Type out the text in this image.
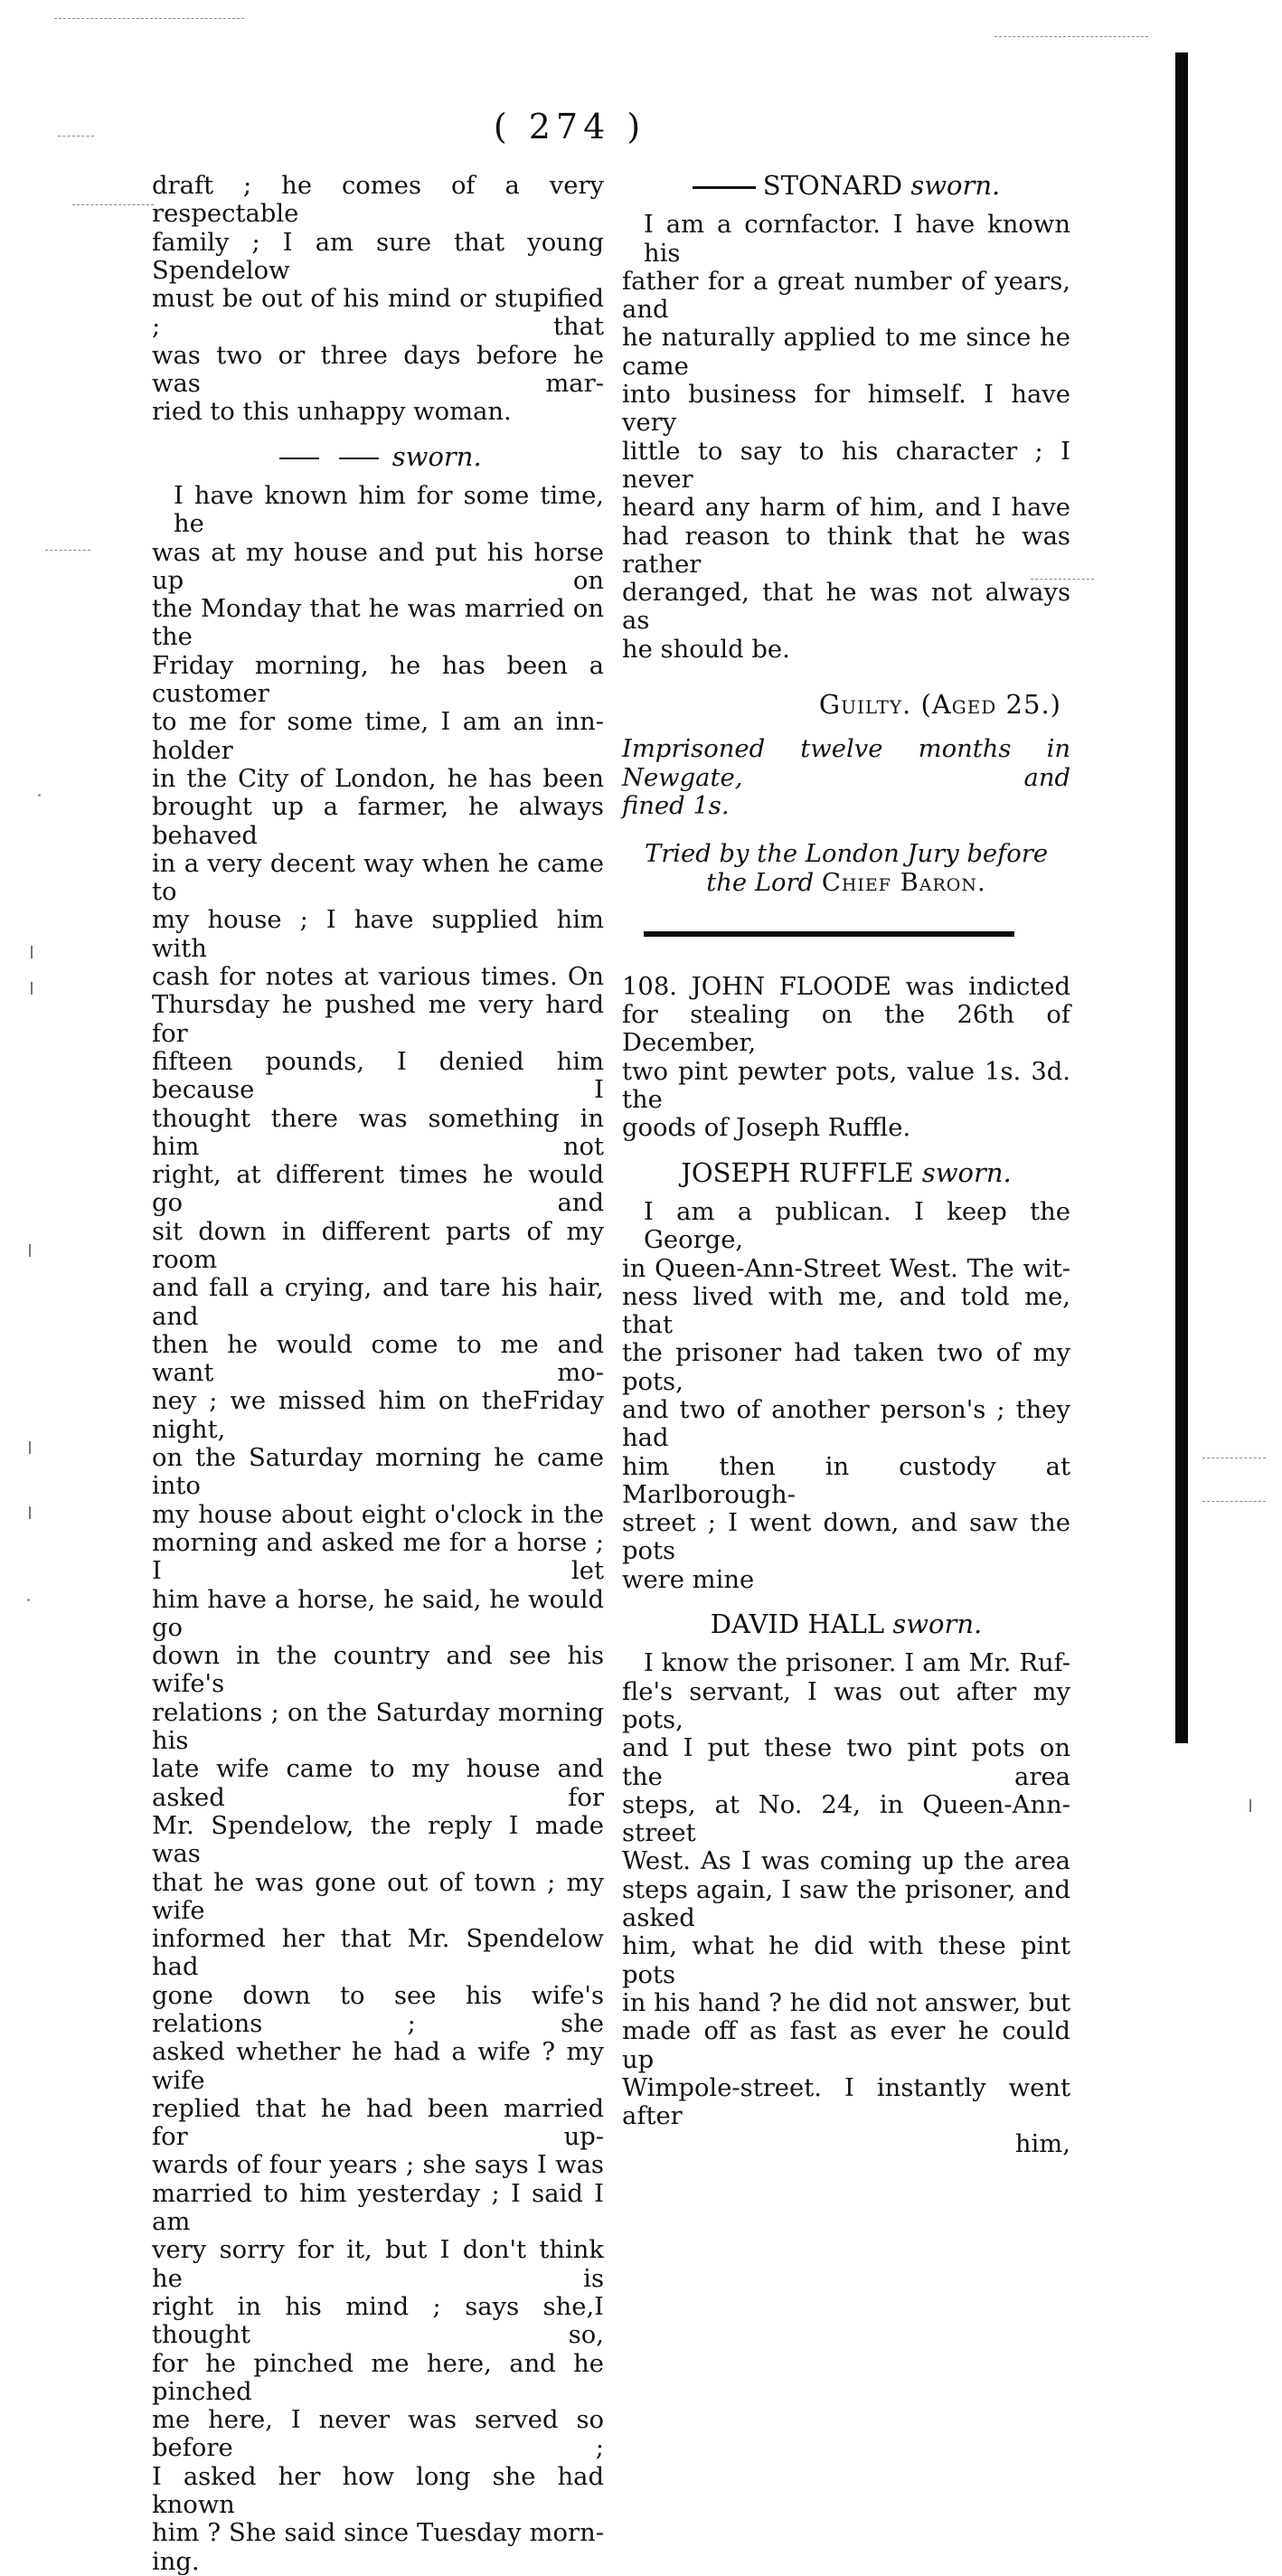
( 274 )
draft ; he comes of a very respectable
family ; I am sure that young Spendelow
must be out of his mind or stupified ; that
was two or three days before he was mar-
ried to this unhappy woman.
sworn.
I have known him for some time, he
was at my house and put his horse up on
the Monday that he was married on the
Friday morning, he has been a customer
to me for some time, I am an inn-holder
in the City of London, he has been
brought up a farmer, he always behaved
in a very decent way when he came to
my house ; I have supplied him with
cash for notes at various times. On
Thursday he pushed me very hard for
fifteen pounds, I denied him because I
thought there was something in him not
right, at different times he would go and
sit down in different parts of my room
and fall a crying, and tare his hair, and
then he would come to me and want mo-
ney ; we missed him on theFriday night,
on the Saturday morning he came into
my house about eight o'clock in the
morning and asked me for a horse ; I let
him have a horse, he said, he would go
down in the country and see his wife's
relations ; on the Saturday morning his
late wife came to my house and asked for
Mr. Spendelow, the reply I made was
that he was gone out of town ; my wife
informed her that Mr. Spendelow had
gone down to see his wife's relations ; she
asked whether he had a wife ? my wife
replied that he had been married for up-
wards of four years ; she says I was
married to him yesterday ; I said I am
very sorry for it, but I don't think he is
right in his mind ; says she,I thought so,
for he pinched me here, and he pinched
me here, I never was served so before ;
I asked her how long she had known
him ? She said since Tuesday morn-
ing.
STONARD sworn.
I am a cornfactor. I have known his
father for a great number of years, and
he naturally applied to me since he came
into business for himself. I have very
little to say to his character ; I never
heard any harm of him, and I have
had reason to think that he was rather
deranged, that he was not always as
he should be.
Guilty. (Aged 25.)
Imprisoned twelve months in Newgate, and
fined 1s.
Tried by the London Jury before
the Lord Chief Baron.
108. JOHN FLOODE was indicted
for stealing on the 26th of December,
two pint pewter pots, value 1s. 3d. the
goods of Joseph Ruffle.
JOSEPH RUFFLE sworn.
I am a publican. I keep the George,
in Queen-Ann-Street West. The wit-
ness lived with me, and told me, that
the prisoner had taken two of my pots,
and two of another person's ; they had
him then in custody at Marlborough-
street ; I went down, and saw the pots
were mine
DAVID HALL sworn.
I know the prisoner. I am Mr. Ruf-
fle's servant, I was out after my pots,
and I put these two pint pots on the area
steps, at No. 24, in Queen-Ann-street
West. As I was coming up the area
steps again, I saw the prisoner, and asked
him, what he did with these pint pots
in his hand ? he did not answer, but
made off as fast as ever he could up
Wimpole-street. I instantly went after
him,
